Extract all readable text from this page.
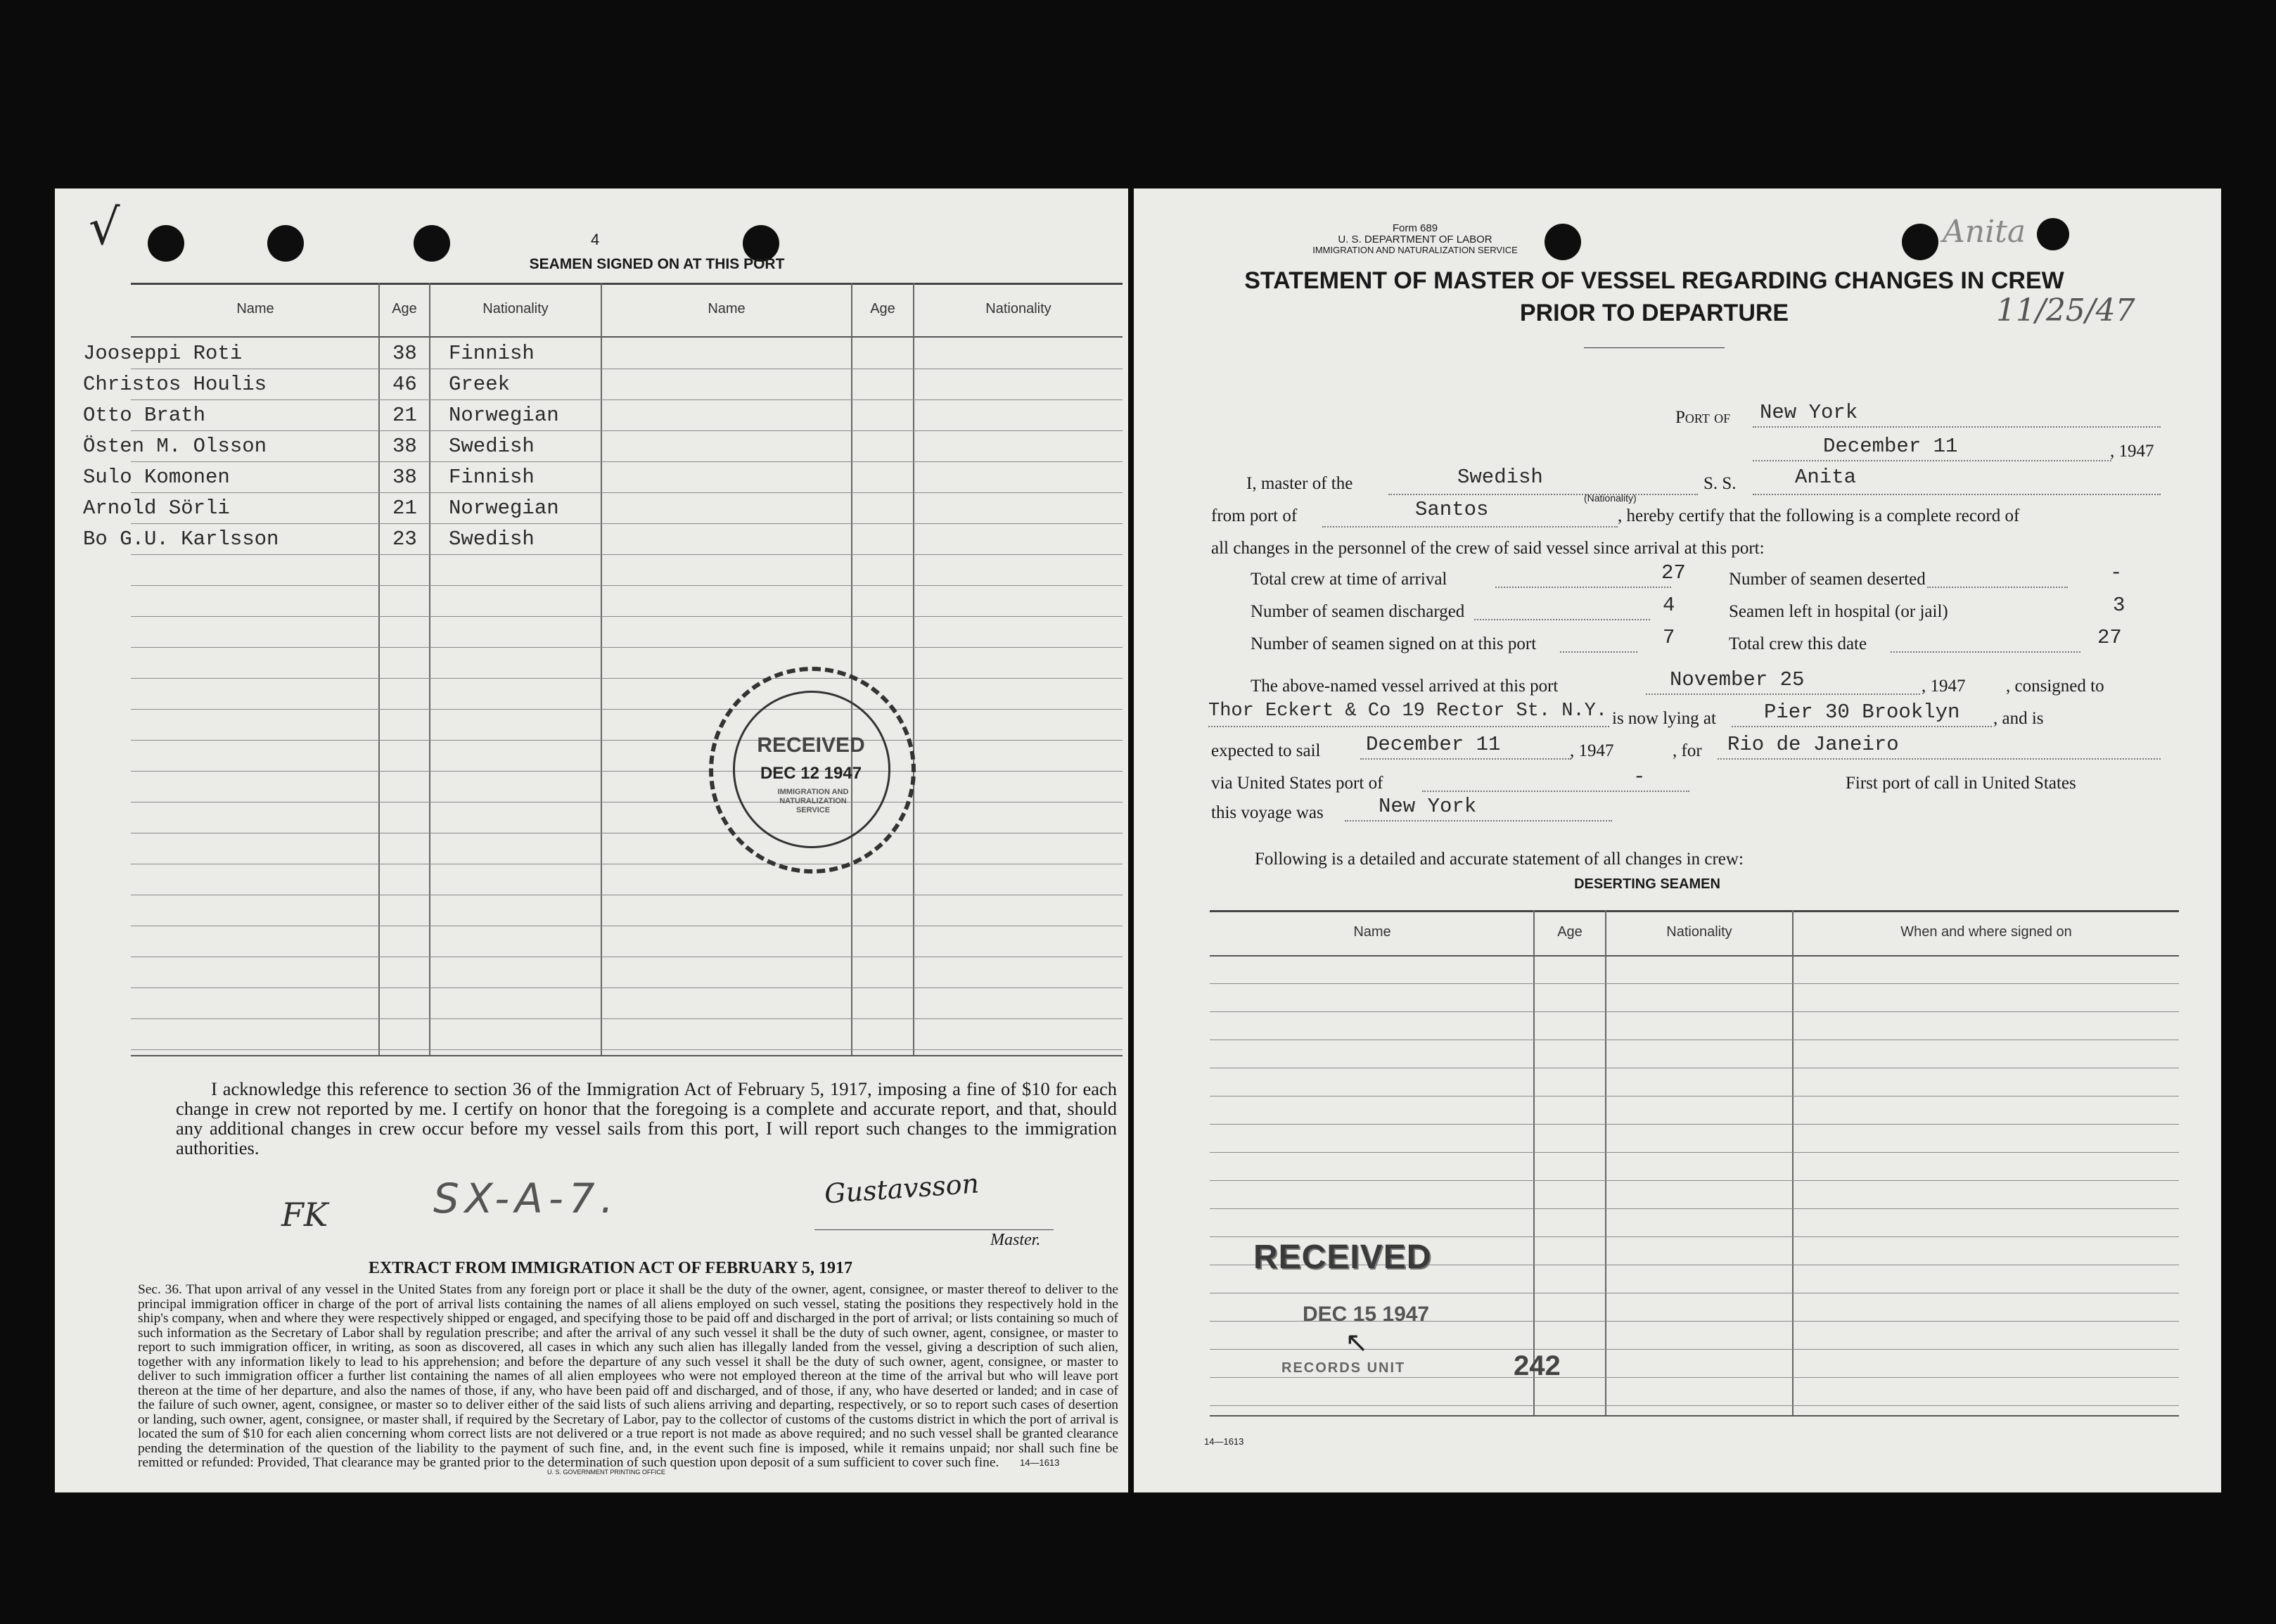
√	4
SEAMEN SIGNED ON AT THIS PORT
Name	Age	Nationality	Name	Age	Nationality
Jooseppi Roti	38 Finnish
Christos Houlis	46 Greek
Otto Brath	21 Norwegian
Östen M. Olsson	38 Swedish
Sulo Komonen	38 Finnish
Arnold Sörli	21 Norwegian
Bo G.U. Karlsson	23 Swedish
RECEIVED
DEC 12 1947
IMMIGRATION AND NATURALIZATION SERVICE
I acknowledge this reference to section 36 of the Immigration Act of February 5, 1917, imposing a fine of $10 for each change in crew not reported by me. I certify on honor that the foregoing is a complete and accurate report, and that, should any additional changes in crew occur before my vessel sails from this port, I will report such changes to the immigration authorities.
FK	SX-A-7.	Gustavsson
Master.
EXTRACT FROM IMMIGRATION ACT OF FEBRUARY 5, 1917
Sec. 36. That upon arrival of any vessel in the United States from any foreign port or place it shall be the duty of the owner, agent, consignee, or master thereof to deliver to the principal immigration officer in charge of the port of arrival lists containing the names of all aliens employed on such vessel, stating the positions they respectively hold in the ship's company, when and where they were respectively shipped or engaged, and specifying those to be paid off and discharged in the port of arrival; or lists containing so much of such information as the Secretary of Labor shall by regulation prescribe; and after the arrival of any such vessel it shall be the duty of such owner, agent, consignee, or master to report to such immigration officer, in writing, as soon as discovered, all cases in which any such alien has illegally landed from the vessel, giving a description of such alien, together with any information likely to lead to his apprehension; and before the departure of any such vessel it shall be the duty of such owner, agent, consignee, or master to deliver to such immigration officer a further list containing the names of all alien employees who were not employed thereon at the time of the arrival but who will leave port thereon at the time of her departure, and also the names of those, if any, who have been paid off and discharged, and of those, if any, who have deserted or landed; and in case of the failure of such owner, agent, consignee, or master so to deliver either of the said lists of such aliens arriving and departing, respectively, or so to report such cases of desertion or landing, such owner, agent, consignee, or master shall, if required by the Secretary of Labor, pay to the collector of customs of the customs district in which the port of arrival is located the sum of $10 for each alien concerning whom correct lists are not delivered or a true report is not made as above required; and no such vessel shall be granted clearance pending the determination of the question of the liability to the payment of such fine, and, in the event such fine is imposed, while it remains unpaid; nor shall such fine be remitted or refunded: Provided, That clearance may be granted prior to the determination of such question upon deposit of a sum sufficient to cover such fine.	14—1613
U. S. GOVERNMENT PRINTING OFFICE
Form 689
U. S. DEPARTMENT OF LABOR
IMMIGRATION AND NATURALIZATION SERVICE
STATEMENT OF MASTER OF VESSEL REGARDING CHANGES IN CREW
PRIOR TO DEPARTURE
Anita
11/25/47
Port of New York
December 11	, 1947
I, master of the	Swedish
(Nationality)
S. S.	Anita
from port of	Santos	, hereby certify that the following is a complete record of
all changes in the personnel of the crew of said vessel since arrival at this port:
Total crew at time of arrival	27 Number of seamen deserted	-
Number of seamen discharged	4	Seamen left in hospital (or jail)	3
Number of seamen signed on at this port	7	Total crew this date	27
The above-named vessel arrived at this port	November 25	, 1947 , consigned to
Thor Eckert & Co 19 Rector St. N.Y. is now lying at Pier 30 Brooklyn , and is
expected to sail December 11	, 1947	, for Rio de Janeiro
via United States port of	-	First port of call in United States
this voyage was	New York
Following is a detailed and accurate statement of all changes in crew:
DESERTING SEAMEN
Name	Age	Nationality	When and where signed on
RECEIVED
DEC 15 1947
↖
RECORDS UNIT	242
14—1613
